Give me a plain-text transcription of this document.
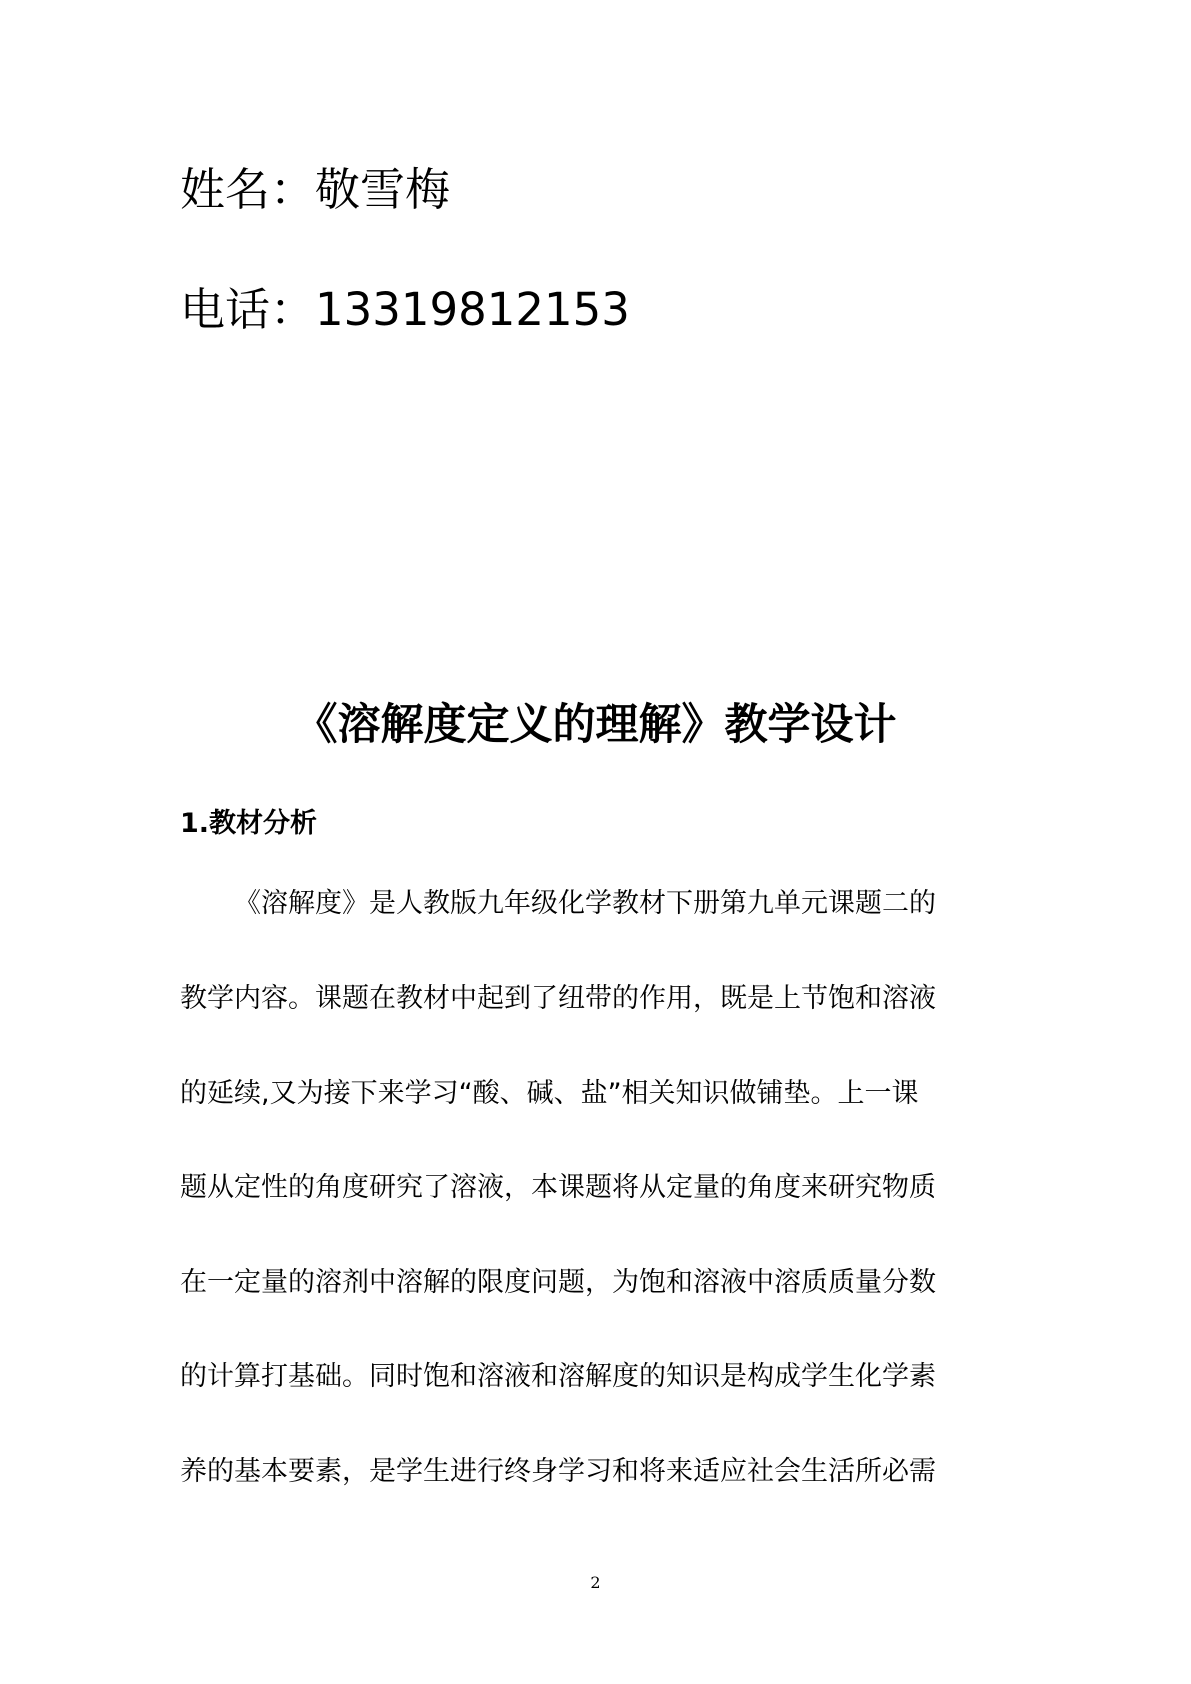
姓名：敬雪梅
电话：13319812153
《溶解度定义的理解》教学设计
1.教材分析
《溶解度》是人教版九年级化学教材下册第九单元课题二的
教学内容。课题在教材中起到了纽带的作用，既是上节饱和溶液
的延续,又为接下来学习“酸、碱、盐”相关知识做铺垫。上一课
题从定性的角度研究了溶液，本课题将从定量的角度来研究物质
在一定量的溶剂中溶解的限度问题，为饱和溶液中溶质质量分数
的计算打基础。同时饱和溶液和溶解度的知识是构成学生化学素
养的基本要素，是学生进行终身学习和将来适应社会生活所必需
2
